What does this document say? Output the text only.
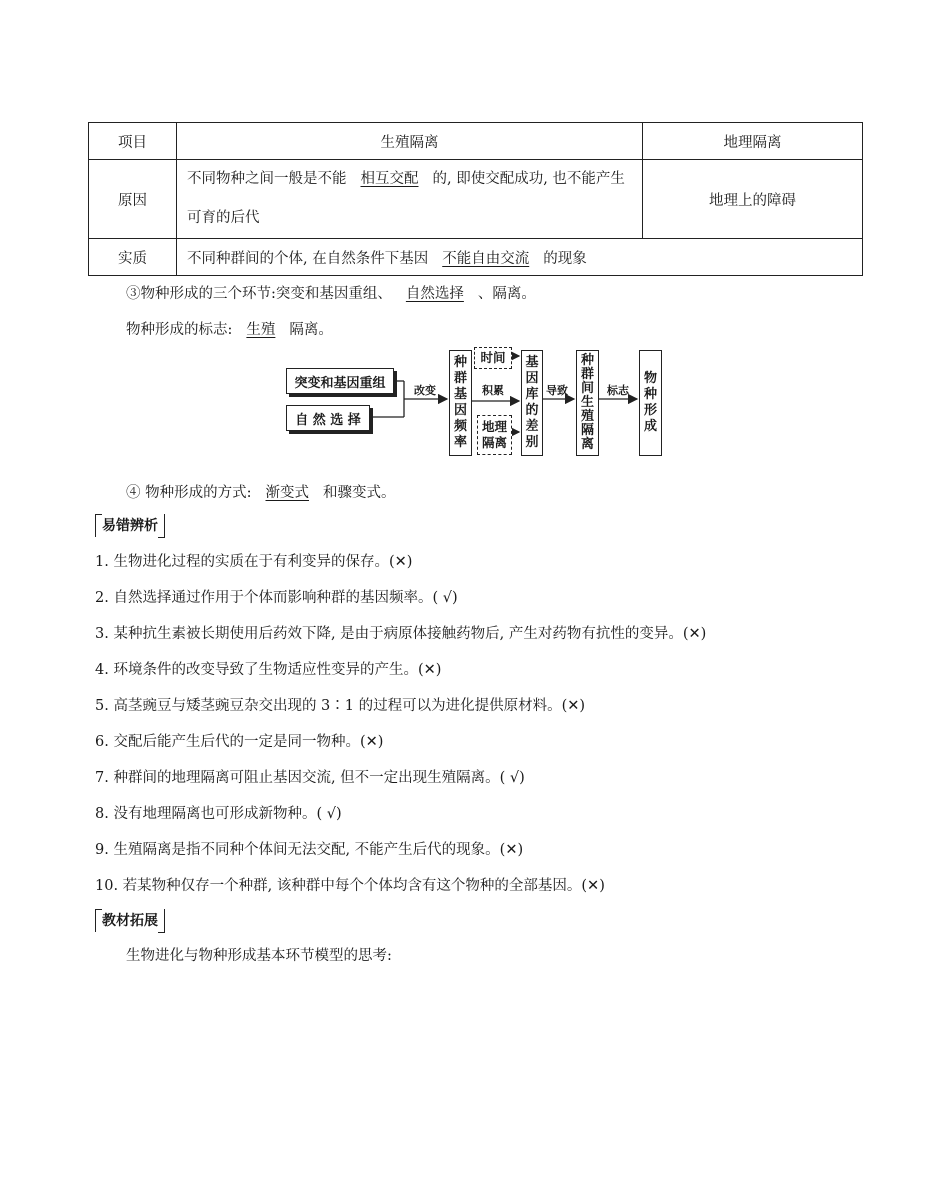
项目	生殖隔离	地理隔离
原因	不同物种之间一般是不能 相互交配 的, 即使交配成功, 也不能产生可育的后代	地理上的障碍
实质	不同种群间的个体, 在自然条件下基因 不能自由交流 的现象	
③物种形成的三个环节:突变和基因重组、 自然选择 、隔离。
物种形成的标志: 生殖 隔离。
突变和基因重组
自 然 选 择
改变
种
群
基
因
频
率
时间
积累
地理
隔离
基
因
库
的
差
别
导致
种
群
间
生
殖
隔
离
标志
物
种
形
成
④ 物种形成的方式: 渐变式 和骤变式。
易错辨析
1. 生物进化过程的实质在于有利变异的保存。(✕)
2. 自然选择通过作用于个体而影响种群的基因频率。( √)
3. 某种抗生素被长期使用后药效下降, 是由于病原体接触药物后, 产生对药物有抗性的变异。(✕)
4. 环境条件的改变导致了生物适应性变异的产生。(✕)
5. 高茎豌豆与矮茎豌豆杂交出现的 3∶1 的过程可以为进化提供原材料。(✕)
6. 交配后能产生后代的一定是同一物种。(✕)
7. 种群间的地理隔离可阻止基因交流, 但不一定出现生殖隔离。( √)
8. 没有地理隔离也可形成新物种。( √)
9. 生殖隔离是指不同种个体间无法交配, 不能产生后代的现象。(✕)
10. 若某物种仅存一个种群, 该种群中每个个体均含有这个物种的全部基因。(✕)
教材拓展
生物进化与物种形成基本环节模型的思考:
